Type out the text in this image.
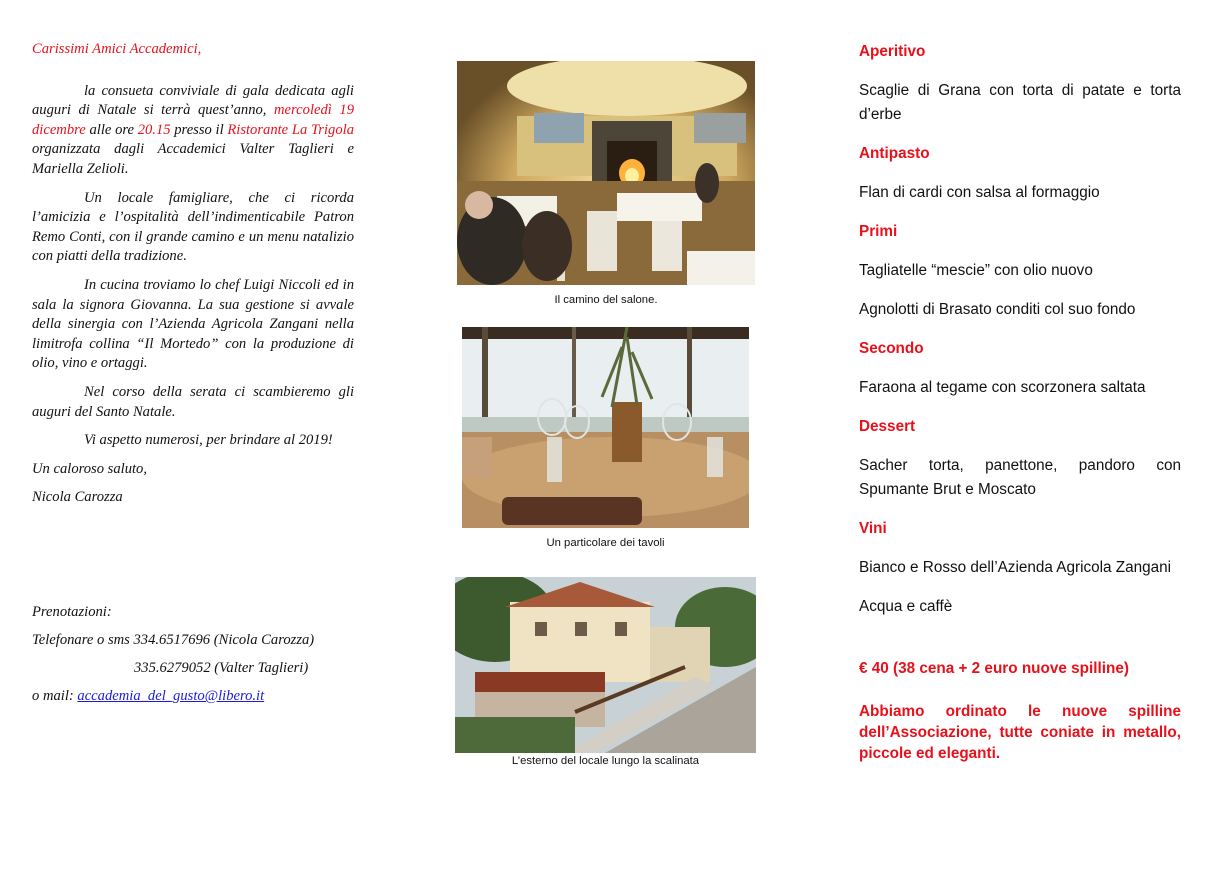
Carissimi Amici Accademici,

la consueta conviviale di gala dedicata agli auguri di Natale si terrà quest’anno, mercoledì 19 dicembre alle ore 20.15 presso il Ristorante La Trigola organizzata dagli Accademici Valter Taglieri e Mariella Zelioli.

Un locale famigliare, che ci ricorda l’amicizia e l’ospitalità dell’indimenticabile Patron Remo Conti, con il grande camino e un menu natalizio con piatti della tradizione.

In cucina troviamo lo chef Luigi Niccoli ed in sala la signora Giovanna. La sua gestione si avvale della sinergia con l’Azienda Agricola Zangani nella limitrofa collina “Il Mortedo” con la produzione di olio, vino e ortaggi.

Nel corso della serata ci scambieremo gli auguri del Santo Natale.

Vi aspetto numerosi, per brindare al 2019!

Un caloroso saluto,

Nicola Carozza

Prenotazioni:
Telefonare o sms 334.6517696 (Nicola Carozza)
335.6279052 (Valter Taglieri)
o mail: accademia_del_gusto@libero.it
Il camino del salone.
Un particolare dei tavoli
L’esterno del locale lungo la scalinata

Aperitivo

Scaglie di Grana con torta di patate e torta d’erbe

Antipasto

Flan di cardi con salsa al formaggio

Primi

Tagliatelle “mescie” con olio nuovo

Agnolotti di Brasato conditi col suo fondo

Secondo

Faraona al tegame con scorzonera saltata

Dessert

Sacher torta, panettone, pandoro con Spumante Brut e Moscato

Vini

Bianco e Rosso dell’Azienda Agricola Zangani

Acqua e caffè

€ 40 (38 cena + 2 euro nuove spilline)

Abbiamo ordinato le nuove spilline dell’Associazione, tutte coniate in metallo, piccole ed eleganti.
